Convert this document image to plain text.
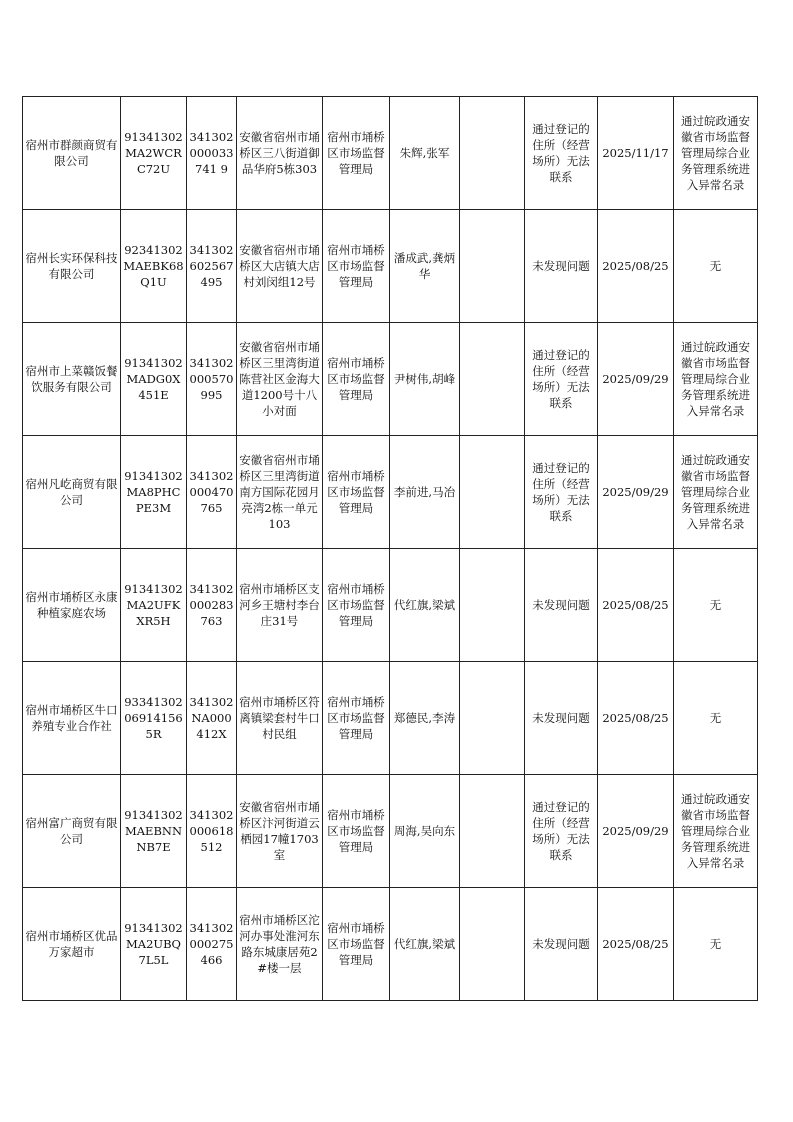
宿州市群颜商贸有限公司	91341302MA2WCRC72U	341302000033741 9	安徽省宿州市埇桥区三八街道御品华府5栋303	宿州市埇桥区市场监督管理局	朱辉,张军		通过登记的住所（经营场所）无法联系	2025/11/17	通过皖政通安徽省市场监督管理局综合业务管理系统进入异常名录
宿州长实环保科技有限公司	92341302MAEBK68Q1U	341302602567495	安徽省宿州市埇桥区大店镇大店村刘闵组12号	宿州市埇桥区市场监督管理局	潘成武,龚炳华		未发现问题	2025/08/25	无
宿州市上菜赣饭餐饮服务有限公司	91341302MADG0X451E	341302000570995	安徽省宿州市埇桥区三里湾街道陈营社区金海大道1200号十八小对面	宿州市埇桥区市场监督管理局	尹树伟,胡峰		通过登记的住所（经营场所）无法联系	2025/09/29	通过皖政通安徽省市场监督管理局综合业务管理系统进入异常名录
宿州凡屹商贸有限公司	91341302MA8PHCPE3M	341302000470765	安徽省宿州市埇桥区三里湾街道南方国际花园月亮湾2栋一单元103	宿州市埇桥区市场监督管理局	李前进,马冶		通过登记的住所（经营场所）无法联系	2025/09/29	通过皖政通安徽省市场监督管理局综合业务管理系统进入异常名录
宿州市埇桥区永康种植家庭农场	91341302MA2UFKXR5H	341302000283763	宿州市埇桥区支河乡王塘村李台庄31号	宿州市埇桥区市场监督管理局	代红旗,梁斌		未发现问题	2025/08/25	无
宿州市埇桥区牛口养殖专业合作社	93341302069141565R	341302NA000412X	宿州市埇桥区符离镇梁套村牛口村民组	宿州市埇桥区市场监督管理局	郑德民,李涛		未发现问题	2025/08/25	无
宿州富广商贸有限公司	91341302MAEBNNNB7E	341302000618512	安徽省宿州市埇桥区汴河街道云栖园17幢1703室	宿州市埇桥区市场监督管理局	周海,吴向东		通过登记的住所（经营场所）无法联系	2025/09/29	通过皖政通安徽省市场监督管理局综合业务管理系统进入异常名录
宿州市埇桥区优品万家超市	91341302MA2UBQ7L5L	341302000275466	宿州市埇桥区沱河办事处淮河东路东城康居苑2#楼一层	宿州市埇桥区市场监督管理局	代红旗,梁斌		未发现问题	2025/08/25	无
